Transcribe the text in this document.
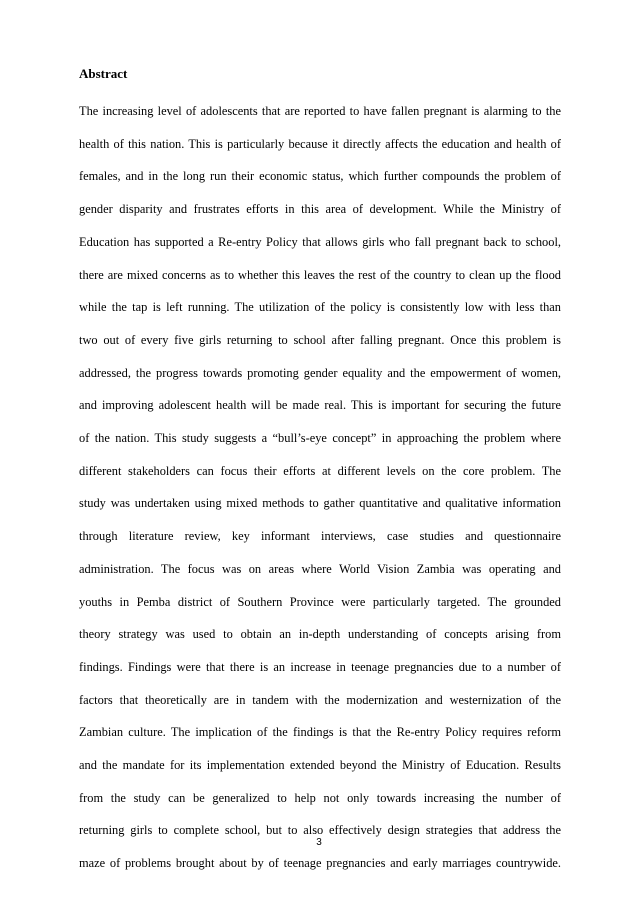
Abstract
The increasing level of adolescents that are reported to have fallen pregnant is alarming to the
health of this nation. This is particularly because it directly affects the education and health of
females, and in the long run their economic status, which further compounds the problem of
gender disparity and frustrates efforts in this area of development. While the Ministry of
Education has supported a Re-entry Policy that allows girls who fall pregnant back to school,
there are mixed concerns as to whether this leaves the rest of the country to clean up the flood
while the tap is left running. The utilization of the policy is consistently low with less than
two out of every five girls returning to school after falling pregnant. Once this problem is
addressed, the progress towards promoting gender equality and the empowerment of women,
and improving adolescent health will be made real. This is important for securing the future
of the nation. This study suggests a “bull’s-eye concept” in approaching the problem where
different stakeholders can focus their efforts at different levels on the core problem. The
study was undertaken using mixed methods to gather quantitative and qualitative information
through literature review, key informant interviews, case studies and questionnaire
administration. The focus was on areas where World Vision Zambia was operating and
youths in Pemba district of Southern Province were particularly targeted. The grounded
theory strategy was used to obtain an in-depth understanding of concepts arising from
findings. Findings were that there is an increase in teenage pregnancies due to a number of
factors that theoretically are in tandem with the modernization and westernization of the
Zambian culture. The implication of the findings is that the Re-entry Policy requires reform
and the mandate for its implementation extended beyond the Ministry of Education. Results
from the study can be generalized to help not only towards increasing the number of
returning girls to complete school, but to also effectively design strategies that address the
maze of problems brought about by of teenage pregnancies and early marriages countrywide.
3
